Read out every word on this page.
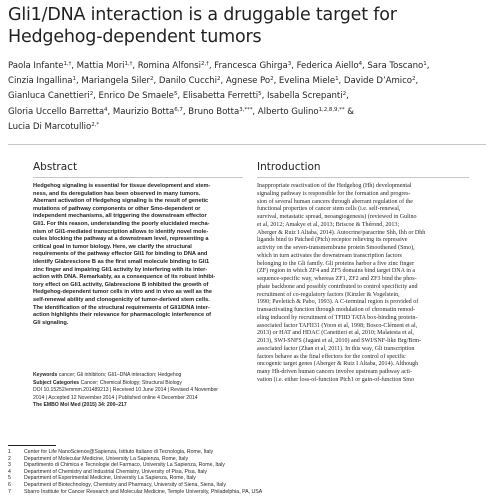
Gli1/DNA interaction is a druggable target for
Hedgehog-dependent tumors
Paola Infante$^{1,\dagger}$, Mattia Mori$^{1,\dagger}$, Romina Alfonsi$^{2,\dagger}$, Francesca Ghirga$^3$, Federica Aiello$^4$, Sara Toscano$^1$,
Cinzia Ingallina$^1$, Mariangela Siler$^2$, Danilo Cucchi$^2$, Agnese Po$^2$, Evelina Miele$^1$, Davide D’Amico$^2$,
Gianluca Canettieri$^2$, Enrico De Smaele$^5$, Elisabetta Ferretti$^5$, Isabella Screpanti$^2$,
Gloria Uccello Barretta$^4$, Maurizio Botta$^{6,7}$, Bruno Botta$^{3,***}$, Alberto Gulino$^{1,2,8,9,**}$ &
Lucia Di Marcotullio$^{2,*}$
Abstract	Introduction
Hedgehog signaling is essential for tissue development and stem-
ness, and its deregulation has been observed in many tumors.
Aberrant activation of Hedgehog signaling is the result of genetic
mutations of pathway components or other Smo-dependent or
independent mechanisms, all triggering the downstream effector
Gli1. For this reason, understanding the poorly elucidated mecha-
nism of Gli1-mediated transcription allows to identify novel mole-
cules blocking the pathway at a downstream level, representing a
critical goal in tumor biology. Here, we clarify the structural
requirements of the pathway effector Gli1 for binding to DNA and
identify Glabrescione B as the first small molecule binding to Gli1
zinc finger and impairing Gli1 activity by interfering with its inter-
action with DNA. Remarkably, as a consequence of its robust inhibi-
tory effect on Gli1 activity, Glabrescione B inhibited the growth of
Hedgehog-dependent tumor cells in vitro and in vivo as well as the
self-renewal ability and clonogenicity of tumor-derived stem cells.
The identification of the structural requirements of Gli1/DNA inter-
action highlights their relevance for pharmacologic interference of
Gli signaling.
Keywords cancer; Gli inhibitors; Gli1–DNA interaction; Hedgehog
Subject Categories Cancer; Chemical Biology; Structural Biology
DOI 10.15252/emmm.201489213 | Received 10 June 2014 | Revised 4 November
2014 | Accepted 12 November 2014 | Published online 4 December 2014
The EMBO Mol Med (2015) 34: 200–217
Inappropriate reactivation of the Hedgehog (Hh) developmental
signaling pathway is responsible for the formation and progres-
sion of several human cancers through aberrant regulation of the
functional properties of cancer stem cells (i.e. self-renewal,
survival, metastatic spread, neoangiogenesis) (reviewed in Gulino
et al, 2012; Amakye et al, 2013; Briscoe & Thérond, 2013;
Aberger & Ruiz I Altaba, 2014). Autocrine/paracrine Shh, Ihh or Dhh
ligands bind to Patched (Ptch) receptor relieving its repressive
activity on the seven-transmembrane protein Smoothened (Smo),
which in turn activates the downstream transcription factors
belonging to the Gli family. Gli proteins harbor a five zinc finger
(ZF) region in which ZF4 and ZF5 domains bind target DNA in a
sequence-specific way, whereas ZF1, ZF2 and ZF3 bind the phos-
phate backbone and possibly contributed to control specificity and
recruitment of co-regulatory factors (Kinzler & Vogelstein,
1990; Pavletich & Pabo, 1993). A C-terminal region is provided of
transactivating function through modulation of chromatin remod-
eling induced by recruitment of TFIID TATA box-binding protein-
associated factor TAFII31 (Yoon et al, 1998; Bosco-Clément et al,
2013) or HAT and HDAC (Canettieri et al, 2010; Malatesta et al,
2013), SWI-SNFS (Jagani et al, 2010) and SWI/SNF-like Brg/Brm-
associated factor (Zhan et al, 2011). In this way, Gli transcription
factors behave as the final effectors for the control of specific
oncogenic target genes (Aberger & Ruiz I Altaba, 2014). Although
many Hh-driven human cancers involve upstream pathway acti-
vation (i.e. either loss-of-function Ptch1 or gain-of-function Smo
1	Center for Life NanoScience@Sapienza, Istituto Italiano di Tecnologia, Rome, Italy
2	Department of Molecular Medicine, University La Sapienza, Rome, Italy
3	Dipartimento di Chimica e Tecnologie del Farmaco, University La Sapienza, Rome, Italy
4	Department of Chemistry and Industrial Chemistry, University of Pisa, Pisa, Italy
5	Department of Experimental Medicine, University La Sapienza, Rome, Italy
6	Department of Biotechnology, Chemistry and Pharmacy, University of Siena, Siena, Italy
7	Sbarro Institute for Cancer Research and Molecular Medicine, Temple University, Philadelphia, PA, USA
